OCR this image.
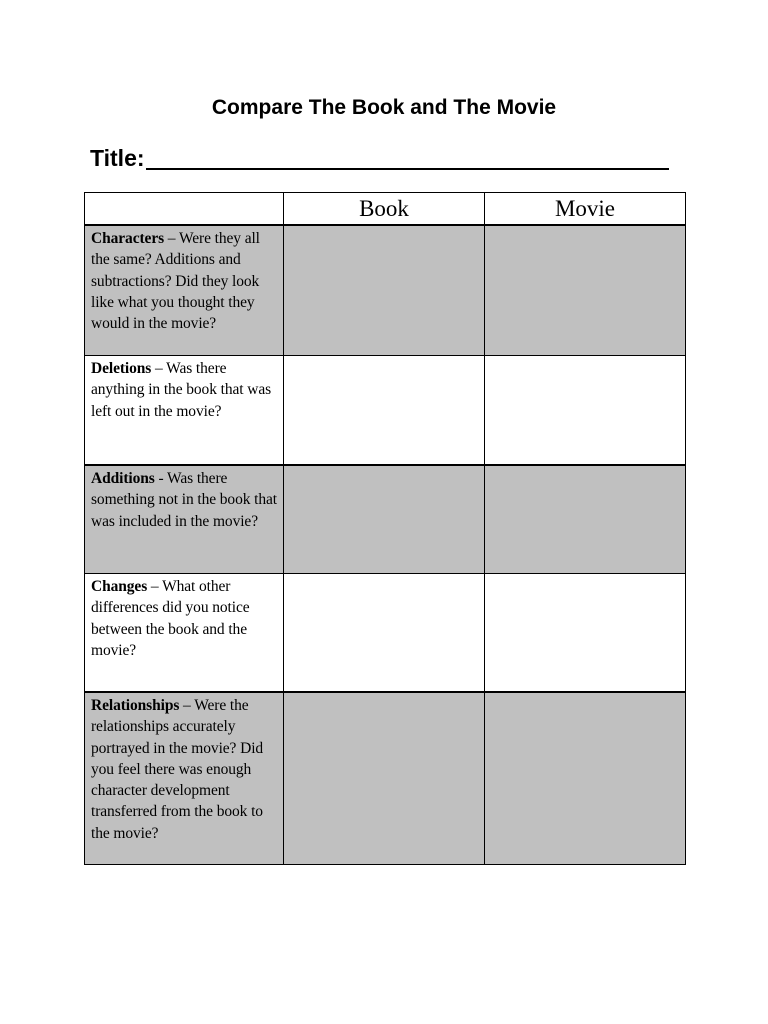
Compare The Book and The Movie
Title:
	Book	Movie
Characters – Were they all the same? Additions and subtractions? Did they look like what you thought they would in the movie?		
Deletions – Was there anything in the book that was left out in the movie?		
Additions - Was there something not in the book that was included in the movie?		
Changes – What other differences did you notice between the book and the movie?		
Relationships – Were the relationships accurately portrayed in the movie? Did you feel there was enough character development transferred from the book to the movie?		
